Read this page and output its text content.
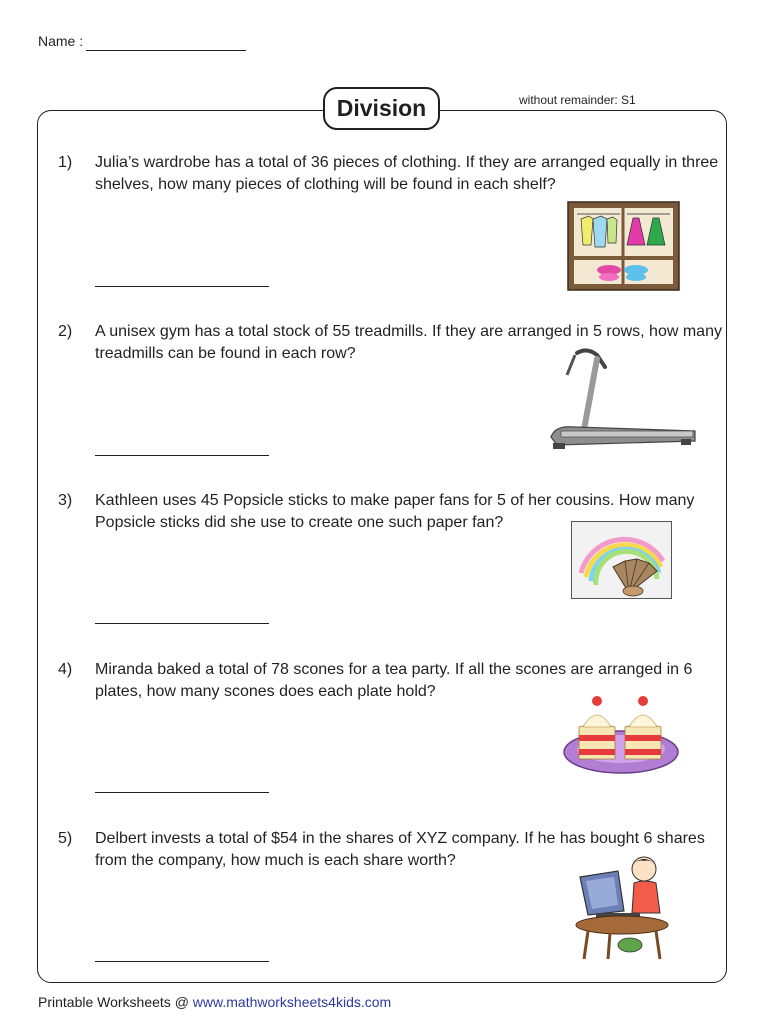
Name :
Division	without remainder: S1
1) Julia’s wardrobe has a total of 36 pieces of clothing. If they are arranged equally in three shelves, how many pieces of clothing will be found in each shelf?
2) A unisex gym has a total stock of 55 treadmills. If they are arranged in 5 rows, how many treadmills can be found in each row?
3) Kathleen uses 45 Popsicle sticks to make paper fans for 5 of her cousins. How many Popsicle sticks did she use to create one such paper fan?
4) Miranda baked a total of 78 scones for a tea party. If all the scones are arranged in 6 plates, how many scones does each plate hold?
5) Delbert invests a total of $54 in the shares of XYZ company. If he has bought 6 shares from the company, how much is each share worth?
Printable Worksheets @ www.mathworksheets4kids.com
